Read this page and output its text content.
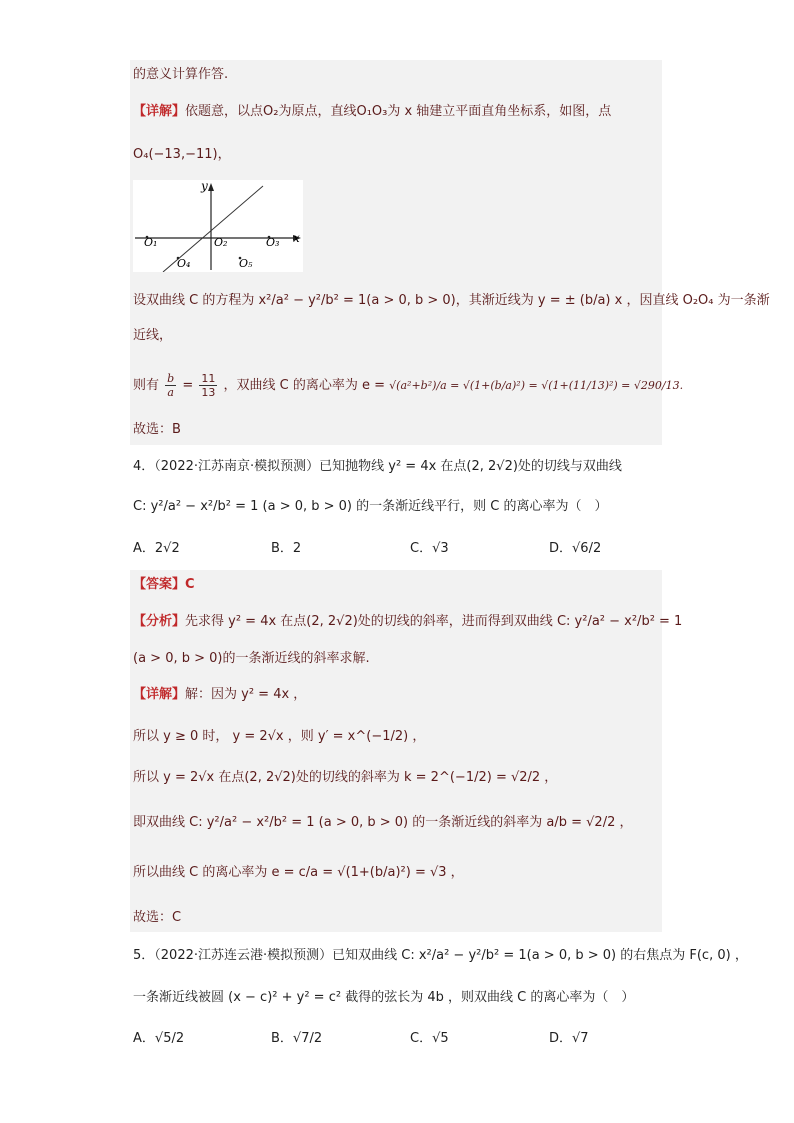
的意义计算作答.
【详解】依题意，以点O₂为原点，直线O₁O₃为 x 轴建立平面直角坐标系，如图，点
O₄(−13,−11)，
y
x
O₁	O₂	O₃
O₄	O₅
设双曲线 C 的方程为 x²/a² − y²/b² = 1(a > 0, b > 0)，其渐近线为 y = ± (b/a) x ，因直线 O₂O₄ 为一条渐
近线，
则有 $\frac{b}{a} = \frac{11}{13}$ ，双曲线 C 的离心率为 e = √(a²+b²)/a = √(1+(b/a)²) = √(1+(11/13)²) = √290/13.
故选：B
4．（2022·江苏南京·模拟预测）已知抛物线 y² = 4x 在点(2, 2√2)处的切线与双曲线
C: y²/a² − x²/b² = 1 (a > 0, b > 0) 的一条渐近线平行，则 C 的离心率为（　）
A．2√2	B．2	C．√3	D．√6/2
【答案】C
【分析】先求得 y² = 4x 在点(2, 2√2)处的切线的斜率，进而得到双曲线 C: y²/a² − x²/b² = 1
(a > 0, b > 0)的一条渐近线的斜率求解.
【详解】解：因为 y² = 4x ，
所以 y ≥ 0 时， y = 2√x ，则 y′ = x^(−1/2) ，
所以 y = 2√x 在点(2, 2√2)处的切线的斜率为 k = 2^(−1/2) = √2/2 ，
即双曲线 C: y²/a² − x²/b² = 1 (a > 0, b > 0) 的一条渐近线的斜率为 a/b = √2/2 ，
所以曲线 C 的离心率为 e = c/a = √(1+(b/a)²) = √3 ，
故选：C
5．（2022·江苏连云港·模拟预测）已知双曲线 C: x²/a² − y²/b² = 1(a > 0, b > 0) 的右焦点为 F(c, 0) ，
一条渐近线被圆 (x − c)² + y² = c² 截得的弦长为 4b ，则双曲线 C 的离心率为（　）
A．√5/2	B．√7/2	C．√5	D．√7
